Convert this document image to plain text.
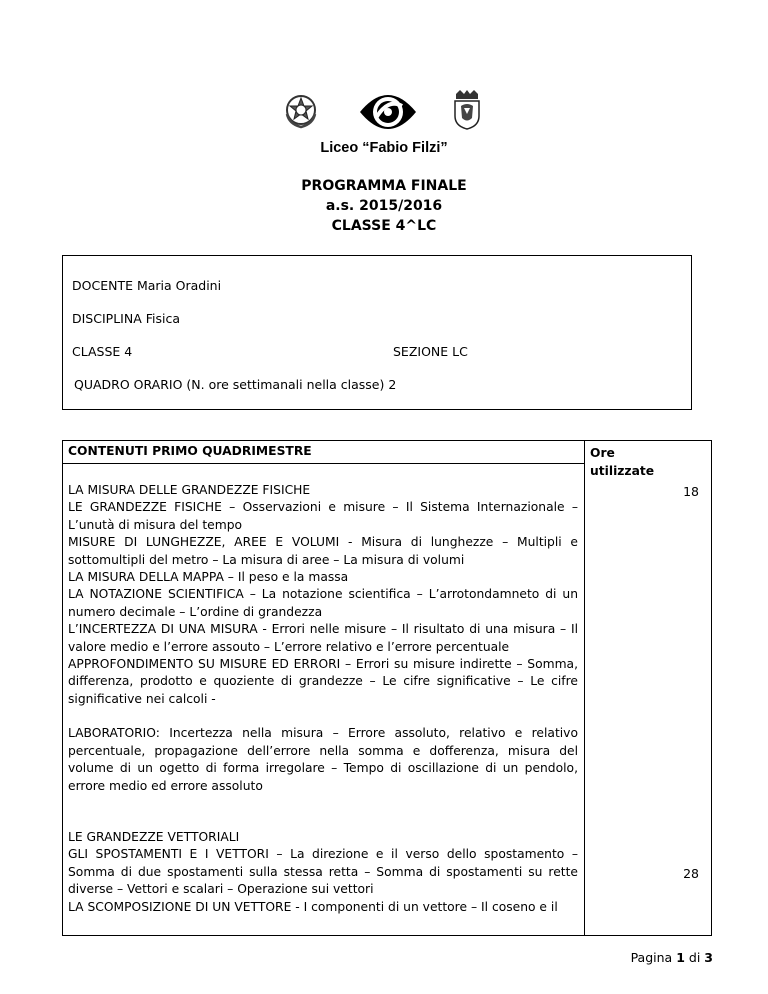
Liceo “Fabio Filzi”
PROGRAMMA FINALE
a.s. 2015/2016
CLASSE 4^LC
DOCENTE Maria Oradini
DISCIPLINA Fisica
CLASSE 4	SEZIONE LC
QUADRO ORARIO (N. ore settimanali nella classe) 2
CONTENUTI PRIMO QUADRIMESTRE	Ore
utilizzate
18
28

LA MISURA DELLE GRANDEZZE FISICHE

LE GRANDEZZE FISICHE – Osservazioni e misure – Il Sistema Internazionale – L’unutà di misura del tempo

MISURE DI LUNGHEZZE, AREE E VOLUMI - Misura di lunghezze – Multipli e sottomultipli del metro – La misura di aree – La misura di volumi

LA MISURA DELLA MAPPA – Il peso e la massa

LA NOTAZIONE SCIENTIFICA – La notazione scientifica – L’arrotondamneto di un numero decimale – L’ordine di grandezza

L’INCERTEZZA DI UNA MISURA - Errori nelle misure – Il risultato di una misura – Il valore medio e l’errore assouto – L’errore relativo e l’errore percentuale

APPROFONDIMENTO SU MISURE ED ERRORI – Errori su misure indirette – Somma, differenza, prodotto e quoziente di grandezze – Le cifre significative – Le cifre significative nei calcoli -

LABORATORIO: Incertezza nella misura – Errore assoluto, relativo e relativo percentuale, propagazione dell’errore nella somma e dofferenza, misura del volume di un ogetto di forma irregolare – Tempo di oscillazione di un pendolo, errore medio ed errore assoluto

LE GRANDEZZE VETTORIALI

GLI SPOSTAMENTI E I VETTORI – La direzione e il verso dello spostamento – Somma di due spostamenti sulla stessa retta – Somma di spostamenti su rette diverse – Vettori e scalari – Operazione sui vettori

LA SCOMPOSIZIONE DI UN VETTORE - I componenti di un vettore – Il coseno e il

Pagina 1 di 3
